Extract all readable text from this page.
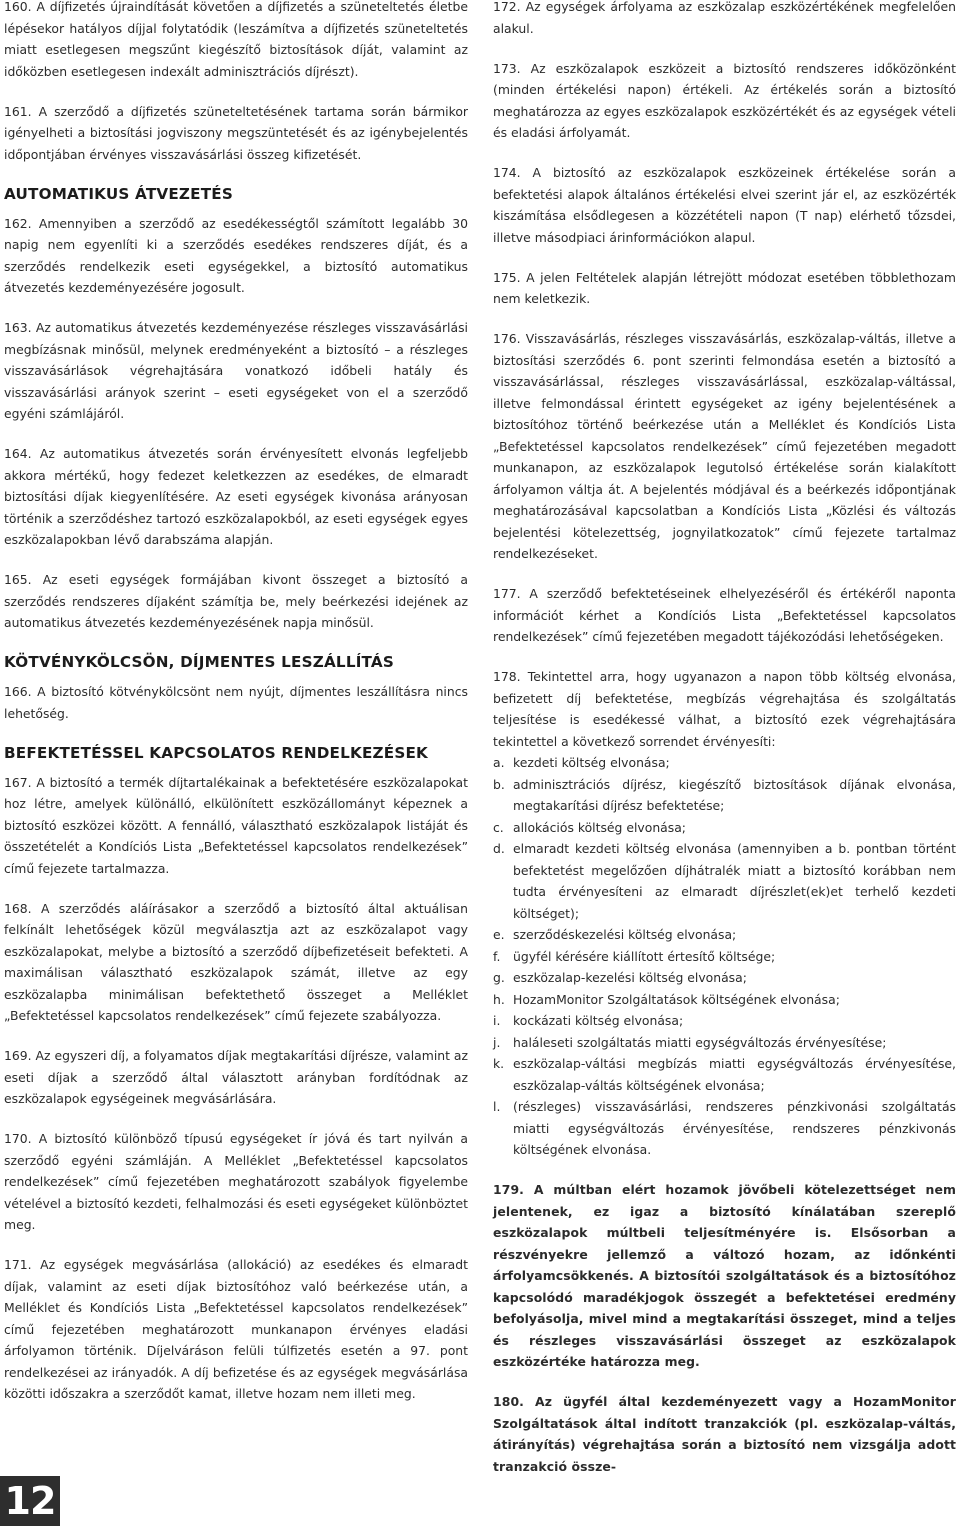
160. A díjfizetés újraindítását követően a díjfizetés a szüneteltetés életbe lépésekor hatályos díjjal folytatódik (leszámítva a díjfizetés szüneteltetés miatt esetlegesen megszűnt kiegészítő biztosítások díját, valamint az időközben esetlegesen indexált adminisztrációs díjrészt).

161. A szerződő a díjfizetés szüneteltetésének tartama során bármikor igényelheti a biztosítási jogviszony megszüntetését és az igénybejelentés időpontjában érvényes visszavásárlási összeg kifizetését.

AUTOMATIKUS ÁTVEZETÉS

162. Amennyiben a szerződő az esedékességtől számított legalább 30 napig nem egyenlíti ki a szerződés esedékes rendszeres díját, és a szerződés rendelkezik eseti egységekkel, a biztosító automatikus átvezetés kezdeményezésére jogosult.

163. Az automatikus átvezetés kezdeményezése részleges visszavásárlási megbízásnak minősül, melynek eredményeként a biztosító – a részleges visszavásárlások végrehajtására vonatkozó időbeli hatály és visszavásárlási arányok szerint – eseti egységeket von el a szerződő egyéni számlájáról.

164. Az automatikus átvezetés során érvényesített elvonás legfeljebb akkora mértékű, hogy fedezet keletkezzen az esedékes, de elmaradt biztosítási díjak kiegyenlítésére. Az eseti egységek kivonása arányosan történik a szerződéshez tartozó eszközalapokból, az eseti egységek egyes eszközalapokban lévő darabszáma alapján.

165. Az eseti egységek formájában kivont összeget a biztosító a szerződés rendszeres díjaként számítja be, mely beérkezési idejének az automatikus átvezetés kezdeményezésének napja minősül.

KÖTVÉNYKÖLCSÖN, DÍJMENTES LESZÁLLÍTÁS

166. A biztosító kötvénykölcsönt nem nyújt, díjmentes leszállításra nincs lehetőség.

BEFEKTETÉSSEL KAPCSOLATOS RENDELKEZÉSEK

167. A biztosító a termék díjtartalékainak a befektetésére eszközalapokat hoz létre, amelyek különálló, elkülönített eszközállományt képeznek a biztosító eszközei között. A fennálló, választható eszközalapok listáját és összetételét a Kondíciós Lista „Befektetéssel kapcsolatos rendelkezések” című fejezete tartalmazza.

168. A szerződés aláírásakor a szerződő a biztosító által aktuálisan felkínált lehetőségek közül megválasztja azt az eszközalapot vagy eszközalapokat, melybe a biztosító a szerződő díjbefizetéseit befekteti. A maximálisan választható eszközalapok számát, illetve az egy eszközalapba minimálisan befektethető összeget a Melléklet „Befektetéssel kapcsolatos rendelkezések” című fejezete szabályozza.

169. Az egyszeri díj, a folyamatos díjak megtakarítási díjrésze, valamint az eseti díjak a szerződő által választott arányban fordítódnak az eszközalapok egységeinek megvásárlására.

170. A biztosító különböző típusú egységeket ír jóvá és tart nyilván a szerződő egyéni számláján. A Melléklet „Befektetéssel kapcsolatos rendelkezések” című fejezetében meghatározott szabályok figyelembe vételével a biztosító kezdeti, felhalmozási és eseti egységeket különböztet meg.

171. Az egységek megvásárlása (allokáció) az esedékes és elmaradt díjak, valamint az eseti díjak biztosítóhoz való beérkezése után, a Melléklet és Kondíciós Lista „Befektetéssel kapcsolatos rendelkezések” című fejezetében meghatározott munkanapon érvényes eladási árfolyamon történik. Díjelváráson felüli túlfizetés esetén a 97. pont rendelkezései az irányadók. A díj befizetése és az egységek megvásárlása közötti időszakra a szerződőt kamat, illetve hozam nem illeti meg.

172. Az egységek árfolyama az eszközalap eszközértékének megfelelően alakul.

173. Az eszközalapok eszközeit a biztosító rendszeres időközönként (minden értékelési napon) értékeli. Az értékelés során a biztosító meghatározza az egyes eszközalapok eszközértékét és az egységek vételi és eladási árfolyamát.

174. A biztosító az eszközalapok eszközeinek értékelése során a befektetési alapok általános értékelési elvei szerint jár el, az eszközérték kiszámítása elsődlegesen a közzétételi napon (T nap) elérhető tőzsdei, illetve másodpiaci árinformációkon alapul.

175. A jelen Feltételek alapján létrejött módozat esetében többlethozam nem keletkezik.

176. Visszavásárlás, részleges visszavásárlás, eszközalap-váltás, illetve a biztosítási szerződés 6. pont szerinti felmondása esetén a biztosító a visszavásárlással, részleges visszavásárlással, eszközalap-váltással, illetve felmondással érintett egységeket az igény bejelentésének a biztosítóhoz történő beérkezése után a Melléklet és Kondíciós Lista „Befektetéssel kapcsolatos rendelkezések” című fejezetében megadott munkanapon, az eszközalapok legutolsó értékelése során kialakított árfolyamon váltja át. A bejelentés módjával és a beérkezés időpontjának meghatározásával kapcsolatban a Kondíciós Lista „Közlési és változás bejelentési kötelezettség, jognyilatkozatok” című fejezete tartalmaz rendelkezéseket.

177. A szerződő befektetéseinek elhelyezéséről és értékéről naponta információt kérhet a Kondíciós Lista „Befektetéssel kapcsolatos rendelkezések” című fejezetében megadott tájékozódási lehetőségeken.

178. Tekintettel arra, hogy ugyanazon a napon több költség elvonása, befizetett díj befektetése, megbízás végrehajtása és szolgáltatás teljesítése is esedékessé válhat, a biztosító ezek végrehajtására tekintettel a következő sorrendet érvényesíti:

a. kezdeti költség elvonása;
b. adminisztrációs díjrész, kiegészítő biztosítások díjának elvonása, megtakarítási díjrész befektetése;
c. allokációs költség elvonása;
d. elmaradt kezdeti költség elvonása (amennyiben a b. pontban történt befektetést megelőzően díjhátralék miatt a biztosító korábban nem tudta érvényesíteni az elmaradt díjrészlet(ek)et terhelő kezdeti költséget);
e. szerződéskezelési költség elvonása;
f. ügyfél kérésére kiállított értesítő költsége;
g. eszközalap-kezelési költség elvonása;
h. HozamMonitor Szolgáltatások költségének elvonása;
i. kockázati költség elvonása;
j. haláleseti szolgáltatás miatti egységváltozás érvényesítése;
k. eszközalap-váltási megbízás miatti egységváltozás érvényesítése, eszközalap-váltás költségének elvonása;
l. (részleges) visszavásárlási, rendszeres pénzkivonási szolgáltatás miatti egységváltozás érvényesítése, rendszeres pénzkivonás költségének elvonása.

179. A múltban elért hozamok jövőbeli kötelezettséget nem jelentenek, ez igaz a biztosító kínálatában szereplő eszközalapok múltbeli teljesítményére is. Elsősorban a részvényekre jellemző a változó hozam, az időnkénti árfolyamcsökkenés. A biztosítói szolgáltatások és a biztosítóhoz kapcsolódó maradékjogok összegét a befektetései eredmény befolyásolja, mivel mind a megtakarítási összeget, mind a teljes és részleges visszavásárlási összeget az eszközalapok eszközértéke határozza meg.

180. Az ügyfél által kezdeményezett vagy a HozamMonitor Szolgáltatások által indított tranzakciók (pl. eszközalap-váltás, átirányítás) végrehajtása során a biztosító nem vizsgálja adott tranzakció össze-

12
